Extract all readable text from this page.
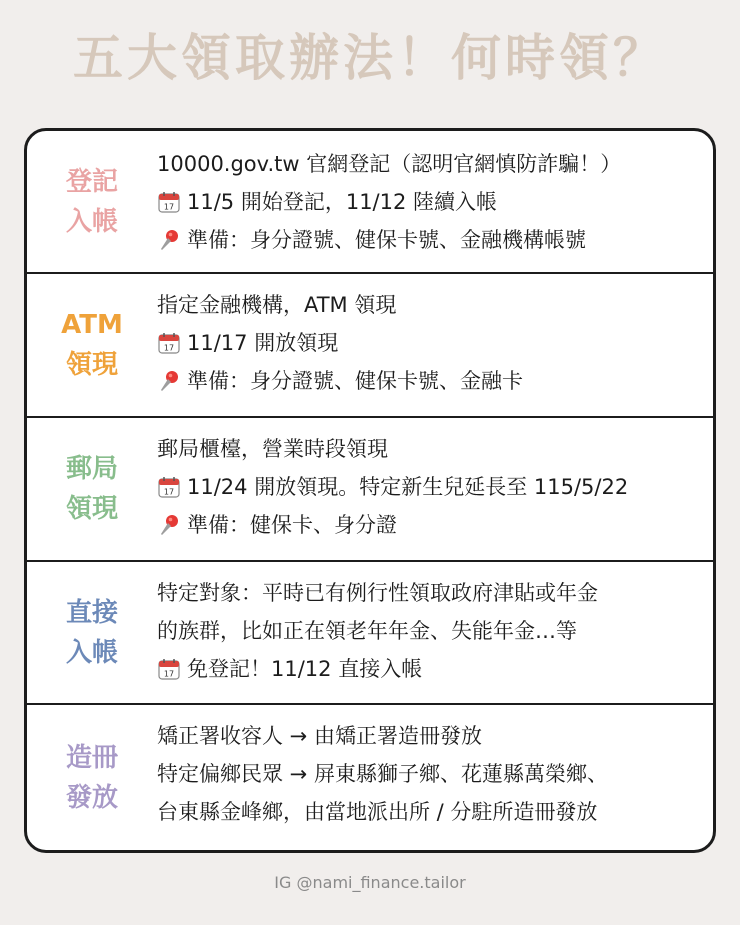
五大領取辦法！何時領？
登記
入帳
10000.gov.tw 官網登記（認明官網慎防詐騙！）
17 11/5 開始登記，11/12 陸續入帳
準備：身分證號、健保卡號、金融機構帳號
ATM
領現
指定金融機構，ATM 領現
17 11/17 開放領現
準備：身分證號、健保卡號、金融卡
郵局
領現
郵局櫃檯，營業時段領現
17 11/24 開放領現。特定新生兒延長至 115/5/22
準備：健保卡、身分證
直接
入帳
特定對象：平時已有例行性領取政府津貼或年金
的族群，比如正在領老年年金、失能年金…等
17 免登記！11/12 直接入帳
造冊
發放
矯正署收容人 → 由矯正署造冊發放
特定偏鄉民眾 → 屏東縣獅子鄉、花蓮縣萬榮鄉、
台東縣金峰鄉，由當地派出所 / 分駐所造冊發放
IG @nami_finance.tailor
